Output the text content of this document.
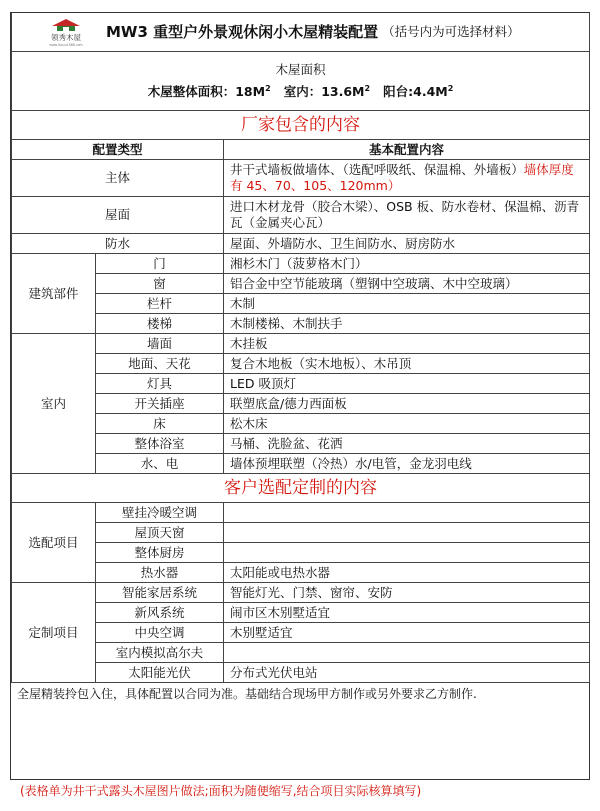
领秀木屋
www.lhxuu1988.com
MW3 重型户外景观休闲小木屋精装配置 （括号内为可选择材料）		

木屋面积
木屋整体面积：$18M^2$ 室内：$13.6M^2$ 阳台$:4.4M^2$

厂家包含的内容		
配置类型		基本配置内容
主体		井干式墙板做墙体、（选配呼吸纸、保温棉、外墙板）墙体厚度有 45、70、105、120mm）
屋面		进口木材龙骨（胶合木梁）、OSB 板、防水卷材、保温棉、沥青瓦（金属夹心瓦）
防水		屋面、外墙防水、卫生间防水、厨房防水
建筑部件	门	湘杉木门（菠萝格木门）
	窗	铝合金中空节能玻璃（塑钢中空玻璃、木中空玻璃）
	栏杆	木制
	楼梯	木制楼梯、木制扶手
室内	墙面	木挂板
	地面、天花	复合木地板（实木地板）、木吊顶
	灯具	LED 吸顶灯
	开关插座	联塑底盒/德力西面板
	床	松木床
	整体浴室	马桶、洗脸盆、花洒
	水、电	墙体预埋联塑（冷热）水/电管，金龙羽电线
客户选配定制的内容		
选配项目	壁挂冷暖空调	
	屋顶天窗	
	整体厨房	
	热水器	太阳能或电热水器
定制项目	智能家居系统	智能灯光、门禁、窗帘、安防
	新风系统	闹市区木别墅适宜
	中央空调	木别墅适宜
	室内模拟高尔夫	
	太阳能光伏	分布式光伏电站
全屋精装拎包入住，具体配置以合同为准。基础结合现场甲方制作或另外要求乙方制作.
(表格单为井干式露头木屋图片做法;面积为随便缩写,结合项目实际核算填写)
